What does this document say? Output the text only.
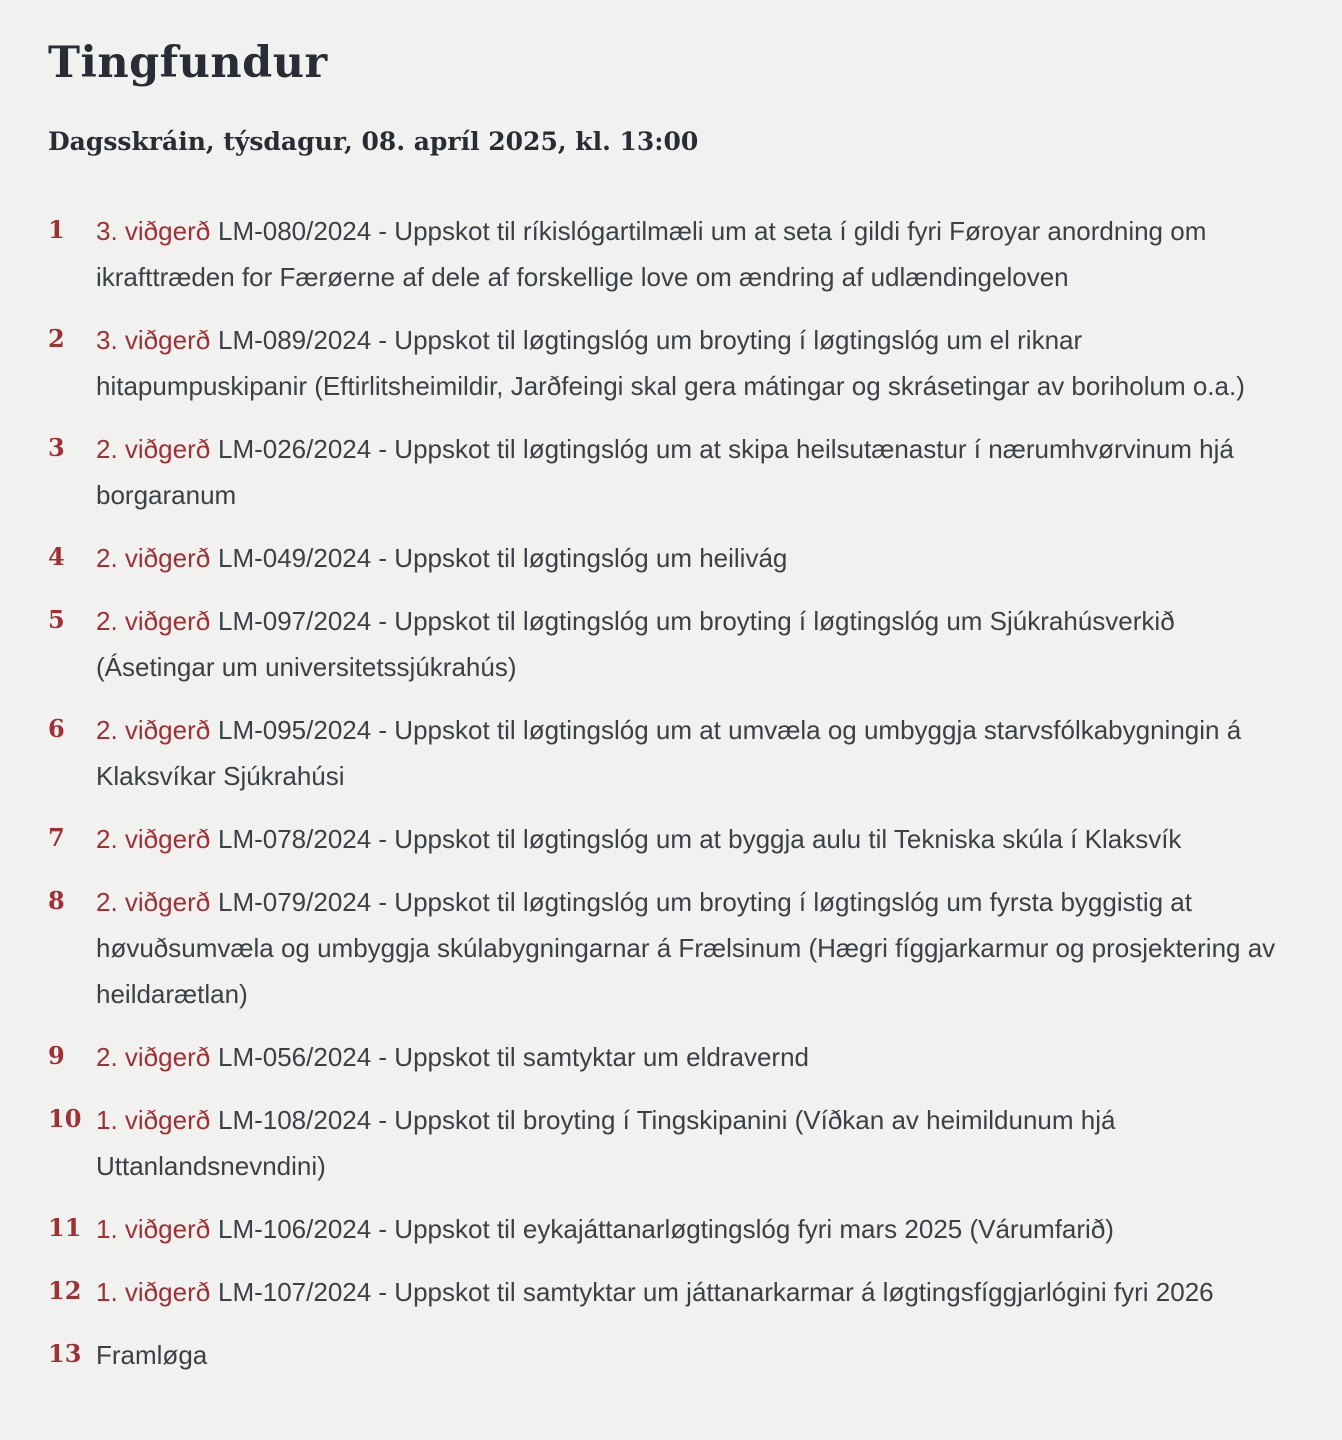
Tingfundur
Dagsskráin, týsdagur, 08. apríl 2025, kl. 13:00
1	3. viðgerð LM-080/2024 - Uppskot til ríkislógartilmæli um at seta í gildi fyri Føroyar anordning om ikrafttræden for Færøerne af dele af forskellige love om ændring af udlændingeloven
2	3. viðgerð LM-089/2024 - Uppskot til løgtingslóg um broyting í løgtingslóg um el riknar hitapumpuskipanir (Eftirlitsheimildir, Jarðfeingi skal gera mátingar og skrásetingar av boriholum o.a.)
3	2. viðgerð LM-026/2024 - Uppskot til løgtingslóg um at skipa heilsutænastur í nærumhvørvinum hjá borgaranum
4	2. viðgerð LM-049/2024 - Uppskot til løgtingslóg um heilivág
5	2. viðgerð LM-097/2024 - Uppskot til løgtingslóg um broyting í løgtingslóg um Sjúkrahúsverkið (Ásetingar um universitetssjúkrahús)
6	2. viðgerð LM-095/2024 - Uppskot til løgtingslóg um at umvæla og umbyggja starvsfólkabygningin á Klaksvíkar Sjúkrahúsi
7	2. viðgerð LM-078/2024 - Uppskot til løgtingslóg um at byggja aulu til Tekniska skúla í Klaksvík
8	2. viðgerð LM-079/2024 - Uppskot til løgtingslóg um broyting í løgtingslóg um fyrsta byggistig at høvuðsumvæla og umbyggja skúlabygningarnar á Frælsinum (Hægri fíggjarkarmur og prosjektering av heildarætlan)
9	2. viðgerð LM-056/2024 - Uppskot til samtyktar um eldravernd
10 1. viðgerð LM-108/2024 - Uppskot til broyting í Tingskipanini (Víðkan av heimildunum hjá Uttanlandsnevndini)
11 1. viðgerð LM-106/2024 - Uppskot til eykajáttanarløgtingslóg fyri mars 2025 (Várumfarið)
12 1. viðgerð LM-107/2024 - Uppskot til samtyktar um játtanarkarmar á løgtingsfíggjarlógini fyri 2026
13 Framløga
